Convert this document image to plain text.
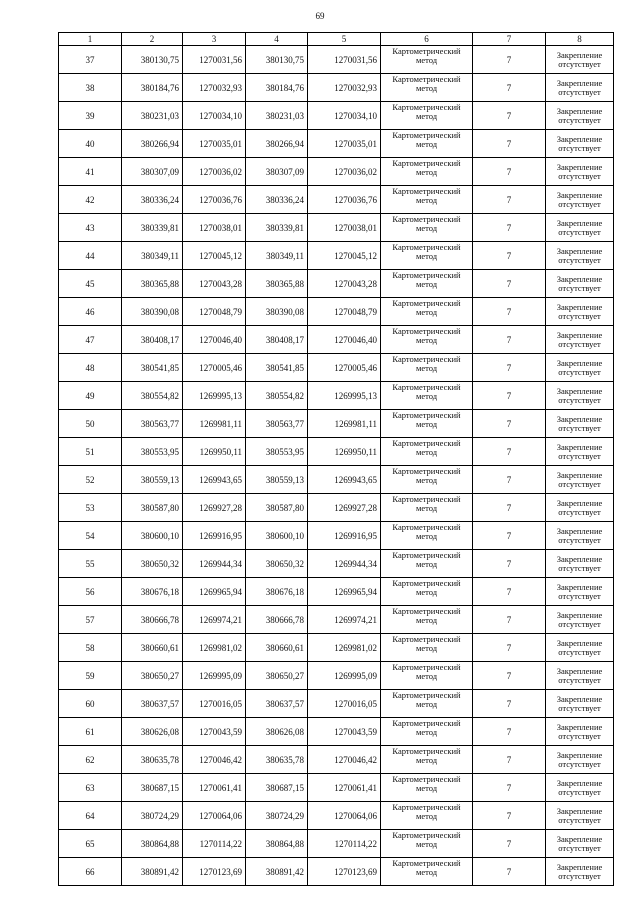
69
1	2	3	4	5	6	7	8
37	380130,75	1270031,56	380130,75	1270031,56	Картометрический
метод	7	Закрепление
отсутствует

38	380184,76	1270032,93	380184,76	1270032,93	Картометрический
метод	7	Закрепление
отсутствует

39	380231,03	1270034,10	380231,03	1270034,10	Картометрический
метод	7	Закрепление
отсутствует

40	380266,94	1270035,01	380266,94	1270035,01	Картометрический
метод	7	Закрепление
отсутствует

41	380307,09	1270036,02	380307,09	1270036,02	Картометрический
метод	7	Закрепление
отсутствует

42	380336,24	1270036,76	380336,24	1270036,76	Картометрический
метод	7	Закрепление
отсутствует

43	380339,81	1270038,01	380339,81	1270038,01	Картометрический
метод	7	Закрепление
отсутствует

44	380349,11	1270045,12	380349,11	1270045,12	Картометрический
метод	7	Закрепление
отсутствует

45	380365,88	1270043,28	380365,88	1270043,28	Картометрический
метод	7	Закрепление
отсутствует

46	380390,08	1270048,79	380390,08	1270048,79	Картометрический
метод	7	Закрепление
отсутствует

47	380408,17	1270046,40	380408,17	1270046,40	Картометрический
метод	7	Закрепление
отсутствует

48	380541,85	1270005,46	380541,85	1270005,46	Картометрический
метод	7	Закрепление
отсутствует

49	380554,82	1269995,13	380554,82	1269995,13	Картометрический
метод	7	Закрепление
отсутствует

50	380563,77	1269981,11	380563,77	1269981,11	Картометрический
метод	7	Закрепление
отсутствует

51	380553,95	1269950,11	380553,95	1269950,11	Картометрический
метод	7	Закрепление
отсутствует

52	380559,13	1269943,65	380559,13	1269943,65	Картометрический
метод	7	Закрепление
отсутствует

53	380587,80	1269927,28	380587,80	1269927,28	Картометрический
метод	7	Закрепление
отсутствует

54	380600,10	1269916,95	380600,10	1269916,95	Картометрический
метод	7	Закрепление
отсутствует

55	380650,32	1269944,34	380650,32	1269944,34	Картометрический
метод	7	Закрепление
отсутствует

56	380676,18	1269965,94	380676,18	1269965,94	Картометрический
метод	7	Закрепление
отсутствует

57	380666,78	1269974,21	380666,78	1269974,21	Картометрический
метод	7	Закрепление
отсутствует

58	380660,61	1269981,02	380660,61	1269981,02	Картометрический
метод	7	Закрепление
отсутствует

59	380650,27	1269995,09	380650,27	1269995,09	Картометрический
метод	7	Закрепление
отсутствует

60	380637,57	1270016,05	380637,57	1270016,05	Картометрический
метод	7	Закрепление
отсутствует

61	380626,08	1270043,59	380626,08	1270043,59	Картометрический
метод	7	Закрепление
отсутствует

62	380635,78	1270046,42	380635,78	1270046,42	Картометрический
метод	7	Закрепление
отсутствует

63	380687,15	1270061,41	380687,15	1270061,41	Картометрический
метод	7	Закрепление
отсутствует

64	380724,29	1270064,06	380724,29	1270064,06	Картометрический
метод	7	Закрепление
отсутствует

65	380864,88	1270114,22	380864,88	1270114,22	Картометрический
метод	7	Закрепление
отсутствует

66	380891,42	1270123,69	380891,42	1270123,69	Картометрический
метод	7	Закрепление
отсутствует
